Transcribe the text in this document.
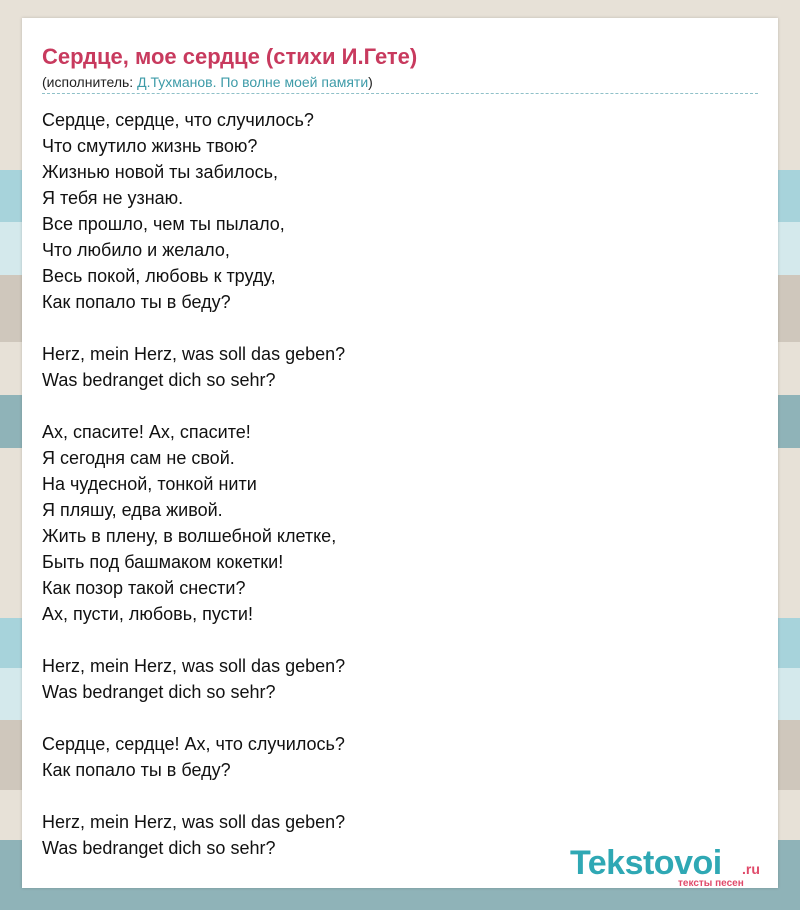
Сердце, мое сердце (стихи И.Гете)
(исполнитель: Д.Тухманов. По волне моей памяти)
Сердце, сердце, что случилось?
Что смутило жизнь твою?
Жизнью новой ты забилось,
Я тебя не узнаю.
Все прошло, чем ты пылало,
Что любило и желало,
Весь покой, любовь к труду,
Как попало ты в беду?
Herz, mein Herz, was soll das geben?
Was bedranget dich so sehr?
Ах, спасите! Ах, спасите!
Я сегодня сам не свой.
На чудесной, тонкой нити
Я пляшу, едва живой.
Жить в плену, в волшебной клетке,
Быть под башмаком кокетки!
Как позор такой снести?
Ах, пусти, любовь, пусти!
Herz, mein Herz, was soll das geben?
Was bedranget dich so sehr?
Сердце, сердце! Ах, что случилось?
Как попало ты в беду?
Herz, mein Herz, was soll das geben?
Was bedranget dich so sehr?	Tekstovoi .ru
тексты песен
